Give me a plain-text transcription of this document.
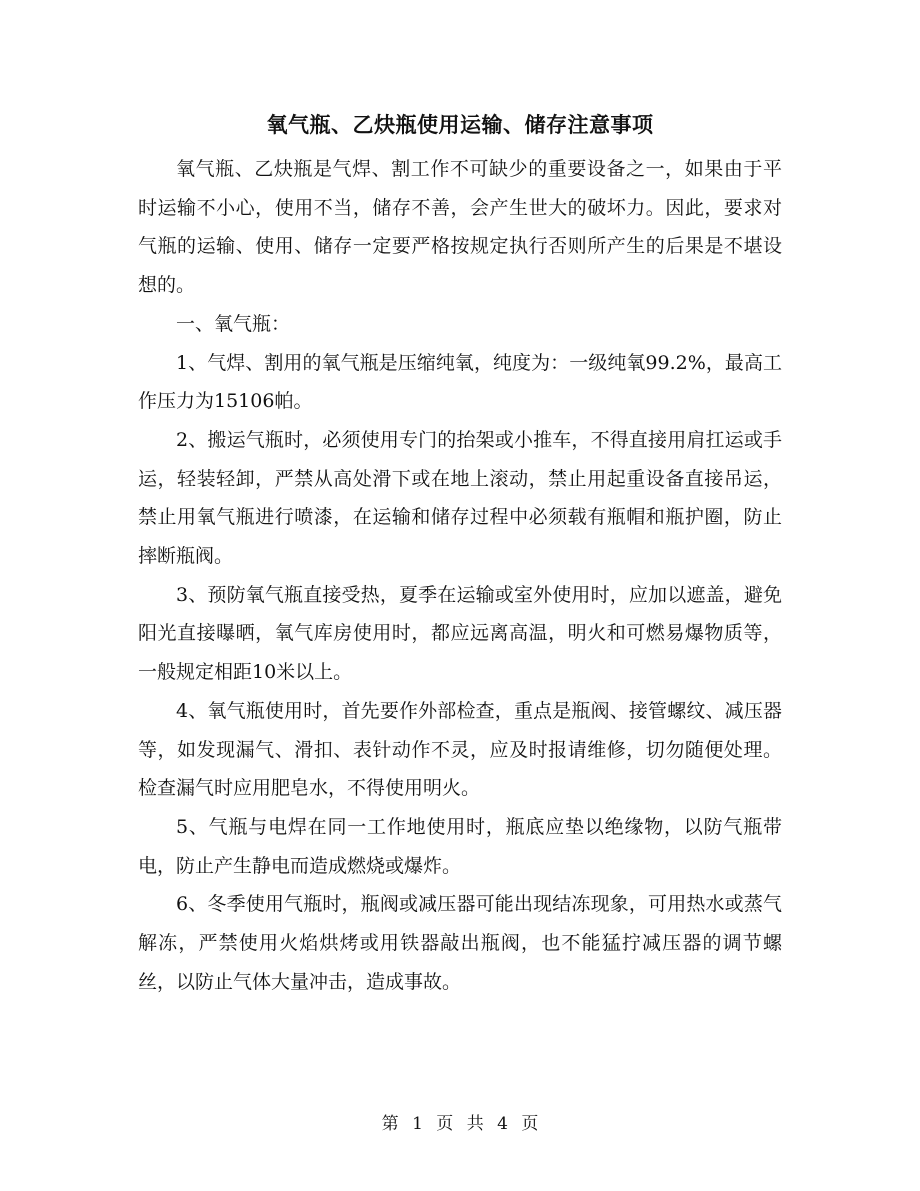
氧气瓶、乙炔瓶使用运输、储存注意事项

氧气瓶、乙炔瓶是气焊、割工作不可缺少的重要设备之一，如果由于平时运输不小心，使用不当，储存不善，会产生世大的破坏力。因此，要求对气瓶的运输、使用、储存一定要严格按规定执行否则所产生的后果是不堪设想的。

一、氧气瓶：

1、气焊、割用的氧气瓶是压缩纯氧，纯度为：一级纯氧99.2%，最高工作压力为15106帕。

2、搬运气瓶时，必须使用专门的抬架或小推车，不得直接用肩扛运或手运，轻装轻卸，严禁从高处滑下或在地上滚动，禁止用起重设备直接吊运，禁止用氧气瓶进行喷漆，在运输和储存过程中必须载有瓶帽和瓶护圈，防止摔断瓶阀。

3、预防氧气瓶直接受热，夏季在运输或室外使用时，应加以遮盖，避免阳光直接曝晒，氧气库房使用时，都应远离高温，明火和可燃易爆物质等，一般规定相距10米以上。

4、氧气瓶使用时，首先要作外部检查，重点是瓶阀、接管螺纹、减压器等，如发现漏气、滑扣、表针动作不灵，应及时报请维修，切勿随便处理。检查漏气时应用肥皂水，不得使用明火。

5、气瓶与电焊在同一工作地使用时，瓶底应垫以绝缘物，以防气瓶带电，防止产生静电而造成燃烧或爆炸。

6、冬季使用气瓶时，瓶阀或减压器可能出现结冻现象，可用热水或蒸气解冻，严禁使用火焰烘烤或用铁器敲出瓶阀，也不能猛拧减压器的调节螺丝，以防止气体大量冲击，造成事故。

第 1 页 共 4 页
